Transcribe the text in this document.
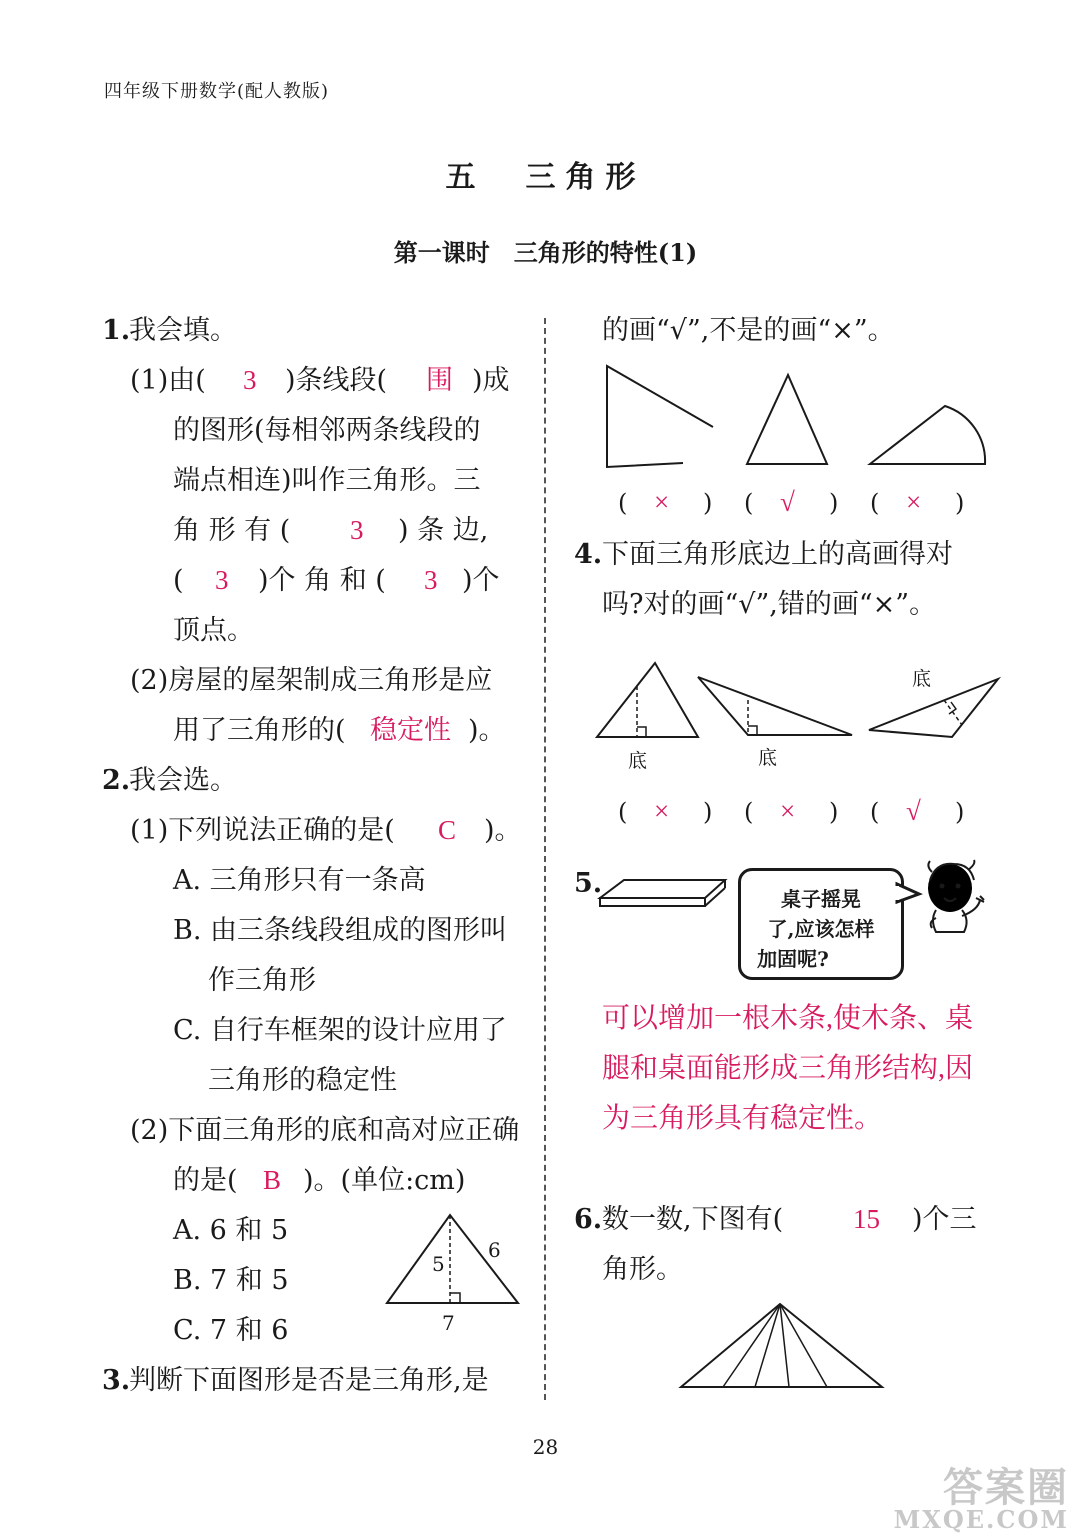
四年级下册数学(配人教版)
五　三角形
第一课时　三角形的特性(1)
1.
我会填。
(1)由( 3 )条线段( 围 )成
的图形(每相邻两条线段的
端点相连)叫作三角形。三
角 形 有 ( 3 ) 条 边,
( 3 )个 角 和 ( 3 )个
顶点。
(2)房屋的屋架制成三角形是应
用了三角形的( 稳定性 )。
2.
我会选。
(1)下列说法正确的是( C )。
A. 三角形只有一条高
B. 由三条线段组成的图形叫
作三角形
C. 自行车框架的设计应用了
三角形的稳定性
(2)下面三角形的底和高对应正确
的是( B )。(单位:cm)
A. 6 和 5
B. 7 和 5
C. 7 和 6
5
6
7
3.
判断下面图形是否是三角形,是
的画“√”,不是的画“×”。
( × ) ( √ ) ( × )
4. 下面三角形底边上的高画得对
吗?对的画“√”,错的画“×”。
底	底
底
( × ) ( × ) ( √ )
5.	桌子摇晃
了,应该怎样
加固呢?
可以增加一根木条,使木条、桌
腿和桌面能形成三角形结构,因
为三角形具有稳定性。
6. 数一数,下图有(	15 )个三
角形。
28
答案圈
MXQE.COM
